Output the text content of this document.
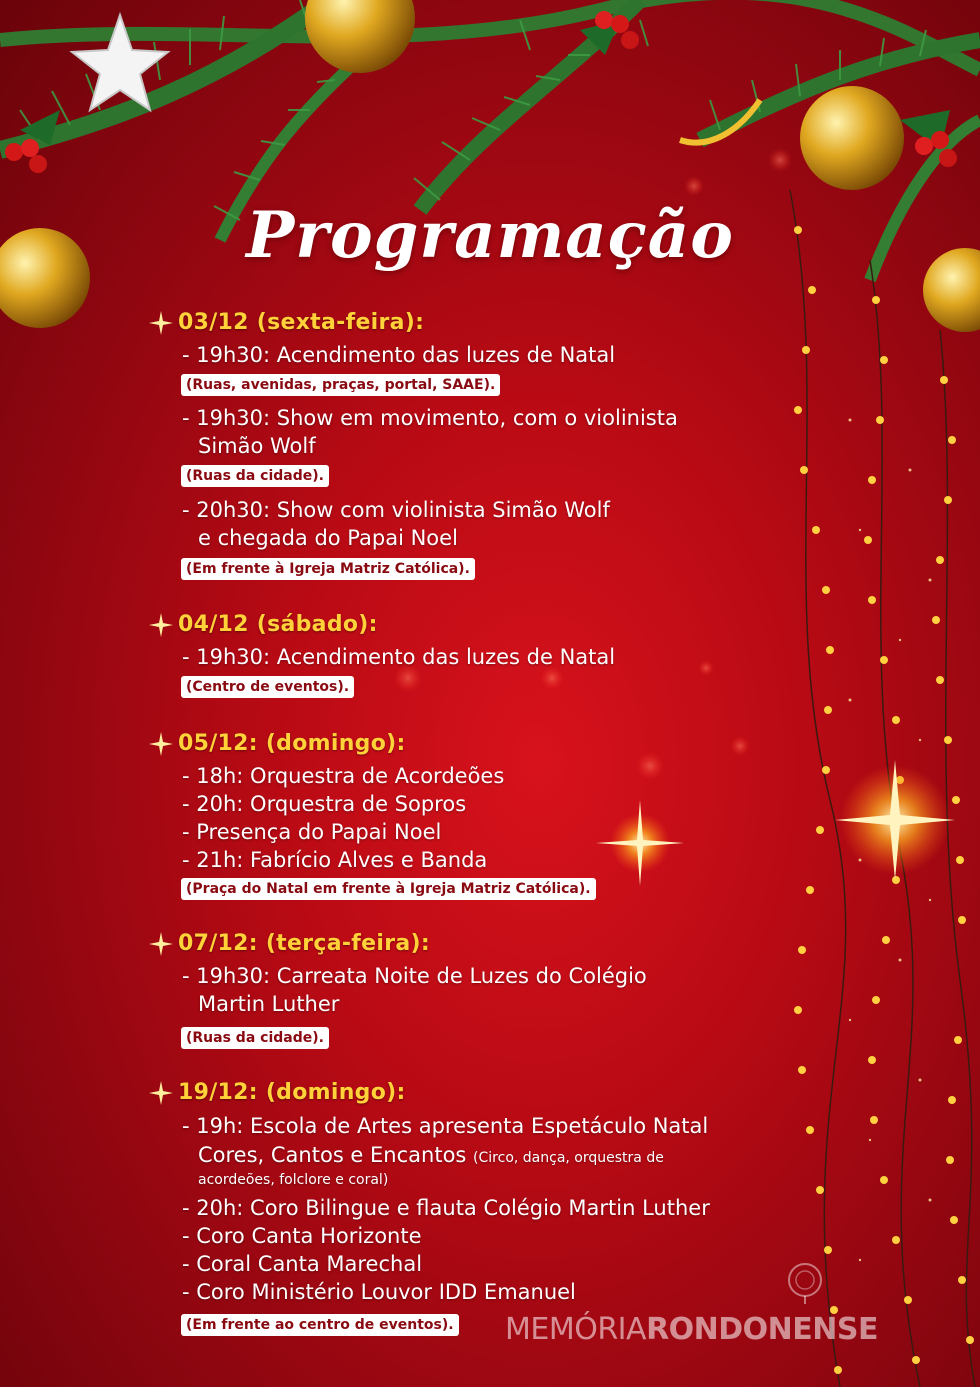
Programação
03/12 (sexta-feira):
- 19h30: Acendimento das luzes de Natal
(Ruas, avenidas, praças, portal, SAAE).
- 19h30: Show em movimento, com o violinista
Simão Wolf
(Ruas da cidade).
- 20h30: Show com violinista Simão Wolf
e chegada do Papai Noel
(Em frente à Igreja Matriz Católica).
04/12 (sábado):
- 19h30: Acendimento das luzes de Natal
(Centro de eventos).
05/12: (domingo):
- 18h: Orquestra de Acordeões
- 20h: Orquestra de Sopros
- Presença do Papai Noel
- 21h: Fabrício Alves e Banda
(Praça do Natal em frente à Igreja Matriz Católica).
07/12: (terça-feira):
- 19h30: Carreata Noite de Luzes do Colégio
Martin Luther
(Ruas da cidade).
19/12: (domingo):
- 19h: Escola de Artes apresenta Espetáculo Natal
Cores, Cantos e Encantos (Circo, dança, orquestra de
acordeões, folclore e coral)
- 20h: Coro Bilingue e flauta Colégio Martin Luther
- Coro Canta Horizonte
- Coral Canta Marechal
- Coro Ministério Louvor IDD Emanuel
(Em frente ao centro de eventos). MEMÓRIARONDONENSE
